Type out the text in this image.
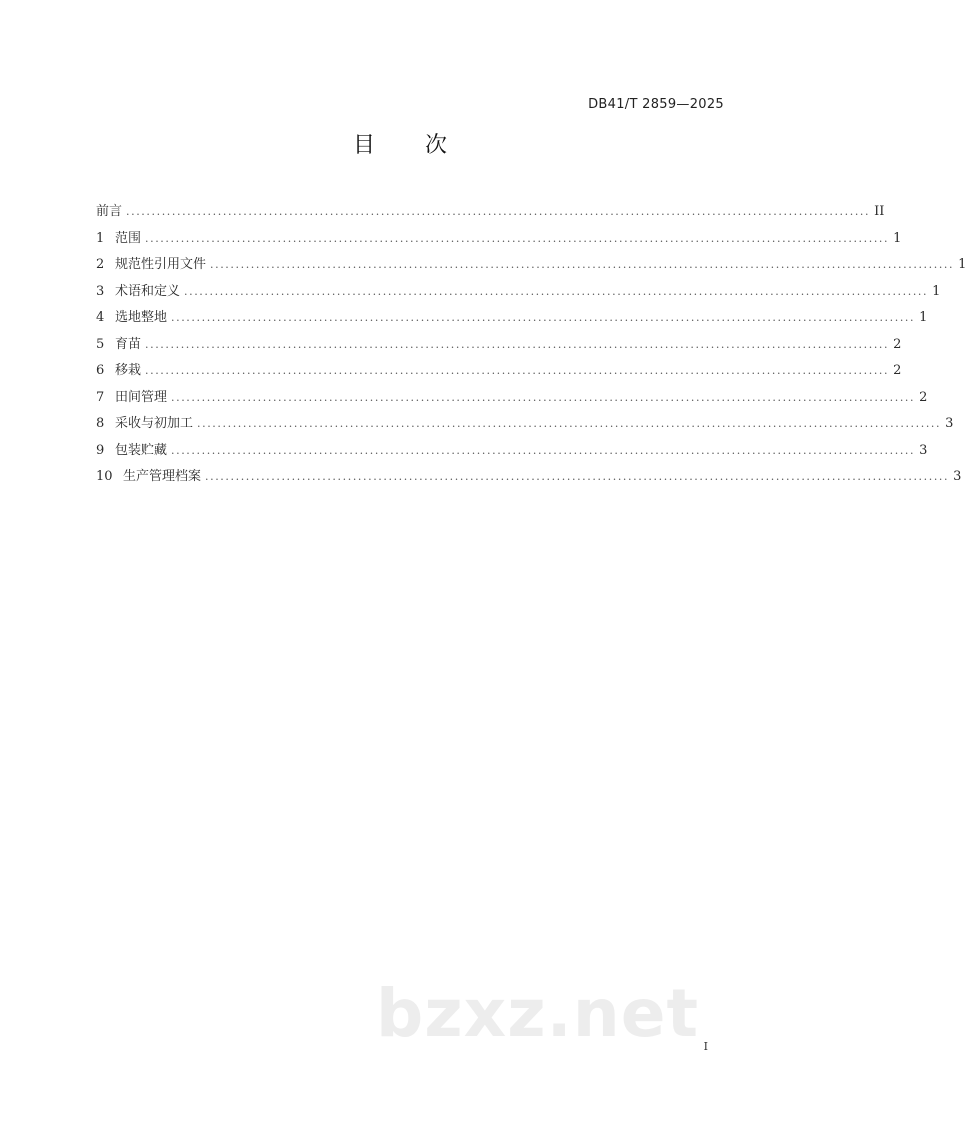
DB41/T 2859—2025
目 次
前言 .................................................................................................................................................. II
1 范围 .................................................................................................................................................. 1
2 规范性引用文件 .................................................................................................................................................. 1
3 术语和定义 .................................................................................................................................................. 1
4 选地整地 .................................................................................................................................................. 1
5 育苗 .................................................................................................................................................. 2
6 移栽 .................................................................................................................................................. 2
7 田间管理 .................................................................................................................................................. 2
8 采收与初加工 .................................................................................................................................................. 3
9 包装贮藏 .................................................................................................................................................. 3
10 生产管理档案 .................................................................................................................................................. 3
bzxz.net I
